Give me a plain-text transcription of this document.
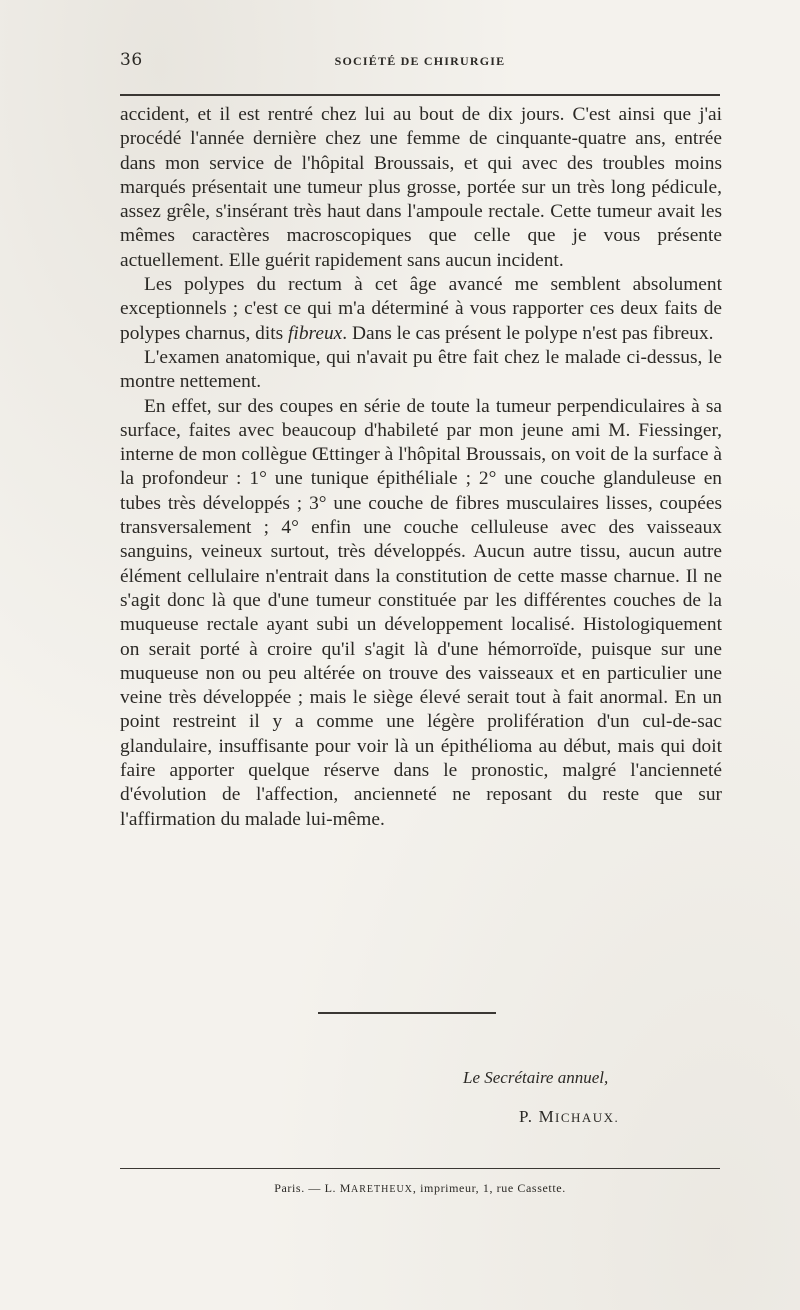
36	SOCIÉTÉ DE CHIRURGIE

accident, et il est rentré chez lui au bout de dix jours. C'est ainsi que j'ai procédé l'année dernière chez une femme de cinquante-quatre ans, entrée dans mon service de l'hôpital Broussais, et qui avec des troubles moins marqués présentait une tumeur plus grosse, portée sur un très long pédicule, assez grêle, s'insérant très haut dans l'ampoule rectale. Cette tumeur avait les mêmes caractères macroscopiques que celle que je vous présente actuellement. Elle guérit rapidement sans aucun incident.

Les polypes du rectum à cet âge avancé me semblent absolument exceptionnels ; c'est ce qui m'a déterminé à vous rapporter ces deux faits de polypes charnus, dits fibreux. Dans le cas présent le polype n'est pas fibreux.

L'examen anatomique, qui n'avait pu être fait chez le malade ci-dessus, le montre nettement.

En effet, sur des coupes en série de toute la tumeur perpendiculaires à sa surface, faites avec beaucoup d'habileté par mon jeune ami M. Fiessinger, interne de mon collègue Œttinger à l'hôpital Broussais, on voit de la surface à la profondeur : 1° une tunique épithéliale ; 2° une couche glanduleuse en tubes très développés ; 3° une couche de fibres musculaires lisses, coupées transversalement ; 4° enfin une couche celluleuse avec des vaisseaux sanguins, veineux surtout, très développés. Aucun autre tissu, aucun autre élément cellulaire n'entrait dans la constitution de cette masse charnue. Il ne s'agit donc là que d'une tumeur constituée par les différentes couches de la muqueuse rectale ayant subi un développement localisé. Histologiquement on serait porté à croire qu'il s'agit là d'une hémorroïde, puisque sur une muqueuse non ou peu altérée on trouve des vaisseaux et en particulier une veine très développée ; mais le siège élevé serait tout à fait anormal. En un point restreint il y a comme une légère prolifération d'un cul-de-sac glandulaire, insuffisante pour voir là un épithélioma au début, mais qui doit faire apporter quelque réserve dans le pronostic, malgré l'ancienneté d'évolution de l'affection, ancienneté ne reposant du reste que sur l'affirmation du malade lui-même.

Le Secrétaire annuel,
P. MICHAUX.
Paris. — L. MARETHEUX, imprimeur, 1, rue Cassette.
